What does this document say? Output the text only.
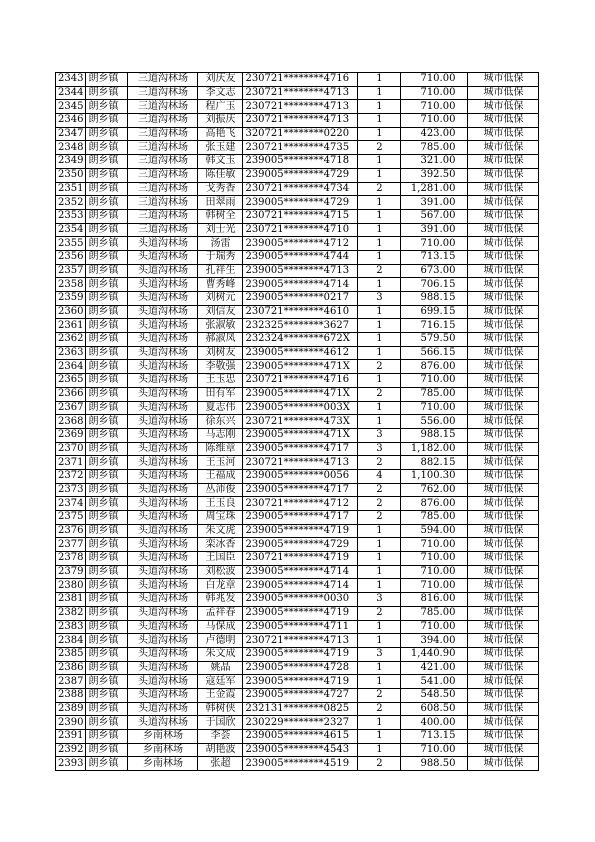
2343	朗乡镇	三道沟林场	刘庆友	230721********4716	1	710.00	城市低保
2344	朗乡镇	三道沟林场	李文志	230721********4713	1	710.00	城市低保
2345	朗乡镇	三道沟林场	程广玉	230721********4713	1	710.00	城市低保
2346	朗乡镇	三道沟林场	刘振庆	230721********4713	1	710.00	城市低保
2347	朗乡镇	三道沟林场	高艳飞	320721********0220	1	423.00	城市低保
2348	朗乡镇	三道沟林场	张玉建	230721********4735	2	785.00	城市低保
2349	朗乡镇	三道沟林场	韩文玉	239005********4718	1	321.00	城市低保
2350	朗乡镇	三道沟林场	陈佳敏	239005********4729	1	392.50	城市低保
2351	朗乡镇	三道沟林场	戈秀香	230721********4734	2	1,281.00	城市低保
2352	朗乡镇	三道沟林场	田翠雨	239005********4729	1	391.00	城市低保
2353	朗乡镇	三道沟林场	韩树全	230721********4715	1	567.00	城市低保
2354	朗乡镇	三道沟林场	刘士光	230721********4710	1	391.00	城市低保
2355	朗乡镇	头道沟林场	汤雷	239005********4712	1	710.00	城市低保
2356	朗乡镇	头道沟林场	于瑞秀	239005********4744	1	713.15	城市低保
2357	朗乡镇	头道沟林场	孔祥生	239005********4713	2	673.00	城市低保
2358	朗乡镇	头道沟林场	曹秀峰	239005********4714	1	706.15	城市低保
2359	朗乡镇	头道沟林场	刘树元	239005********0217	3	988.15	城市低保
2360	朗乡镇	头道沟林场	刘信友	230721********4610	1	699.15	城市低保
2361	朗乡镇	头道沟林场	张淑敏	232325********3627	1	716.15	城市低保
2362	朗乡镇	头道沟林场	郝淑凤	232324********672X	1	579.50	城市低保
2363	朗乡镇	头道沟林场	刘树友	239005********4612	1	566.15	城市低保
2364	朗乡镇	头道沟林场	李敬强	239005********471X	2	876.00	城市低保
2365	朗乡镇	头道沟林场	王玉忠	230721********4716	1	710.00	城市低保
2366	朗乡镇	头道沟林场	田有军	239005********471X	2	785.00	城市低保
2367	朗乡镇	头道沟林场	夏志伟	239005********003X	1	710.00	城市低保
2368	朗乡镇	头道沟林场	徐东兴	230721********473X	1	556.00	城市低保
2369	朗乡镇	头道沟林场	马志刚	239005********471X	3	988.15	城市低保
2370	朗乡镇	头道沟林场	陈维章	239005********4717	3	1,182.00	城市低保
2371	朗乡镇	头道沟林场	王玉河	230721********4713	2	882.15	城市低保
2372	朗乡镇	头道沟林场	王福成	239005********0056	4	1,100.30	城市低保
2373	朗乡镇	头道沟林场	丛沛俊	239005********4717	2	762.00	城市低保
2374	朗乡镇	头道沟林场	王玉良	230721********4712	2	876.00	城市低保
2375	朗乡镇	头道沟林场	周宝珠	239005********4717	2	785.00	城市低保
2376	朗乡镇	头道沟林场	朱文虎	239005********4719	1	594.00	城市低保
2377	朗乡镇	头道沟林场	栾冰香	239005********4729	1	710.00	城市低保
2378	朗乡镇	头道沟林场	王国臣	230721********4719	1	710.00	城市低保
2379	朗乡镇	头道沟林场	刘松波	239005********4714	1	710.00	城市低保
2380	朗乡镇	头道沟林场	白龙章	239005********4714	1	710.00	城市低保
2381	朗乡镇	头道沟林场	韩兆发	239005********0030	3	816.00	城市低保
2382	朗乡镇	头道沟林场	孟祥春	239005********4719	2	785.00	城市低保
2383	朗乡镇	头道沟林场	马保成	239005********4711	1	710.00	城市低保
2384	朗乡镇	头道沟林场	卢德明	230721********4713	1	394.00	城市低保
2385	朗乡镇	头道沟林场	朱文成	239005********4719	3	1,440.90	城市低保
2386	朗乡镇	头道沟林场	姚晶	239005********4728	1	421.00	城市低保
2387	朗乡镇	头道沟林场	寇廷军	239005********4719	1	541.00	城市低保
2388	朗乡镇	头道沟林场	王金霞	239005********4727	2	548.50	城市低保
2389	朗乡镇	头道沟林场	韩树侠	232131********0825	2	608.50	城市低保
2390	朗乡镇	头道沟林场	于国欣	230229********2327	1	400.00	城市低保
2391	朗乡镇	乡南林场	李荟	239005********4615	1	713.15	城市低保
2392	朗乡镇	乡南林场	胡艳波	239005********4543	1	710.00	城市低保
2393	朗乡镇	乡南林场	张超	239005********4519	2	988.50	城市低保
